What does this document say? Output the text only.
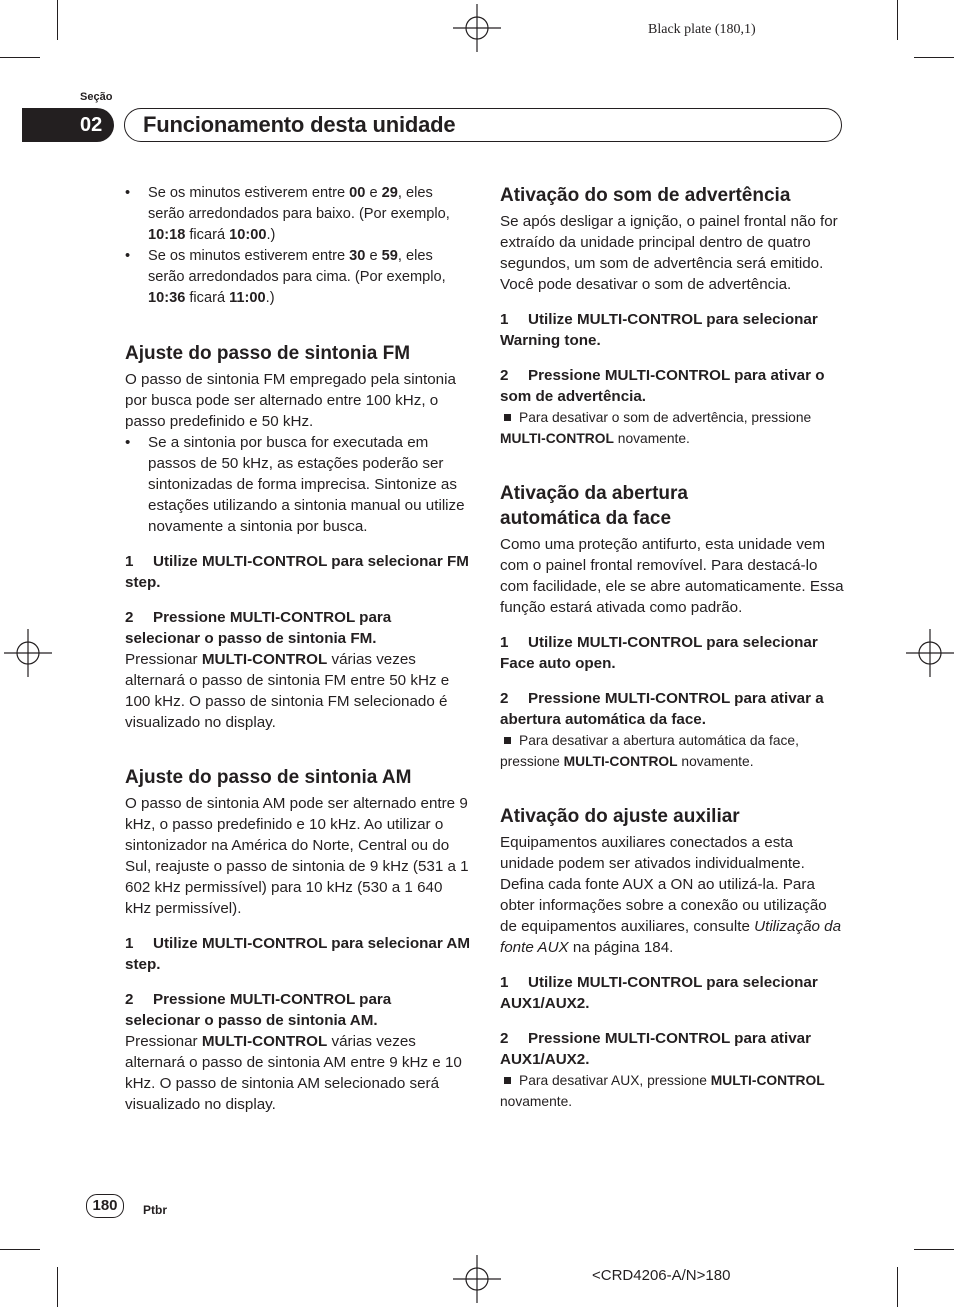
Black plate (180,1)
Seção
02	Funcionamento desta unidade

• Se os minutos estiverem entre 00 e 29, eles serão arredondados para baixo. (Por exemplo, 10:18 ficará 10:00.)

• Se os minutos estiverem entre 30 e 59, eles serão arredondados para cima. (Por exemplo, 10:36 ficará 11:00.)

Ajuste do passo de sintonia FM

O passo de sintonia FM empregado pela sintonia por busca pode ser alternado entre 100 kHz, o passo predefinido e 50 kHz.

• Se a sintonia por busca for executada em passos de 50 kHz, as estações poderão ser sintonizadas de forma imprecisa. Sintonize as estações utilizando a sintonia manual ou utilize novamente a sintonia por busca.

1 Utilize MULTI-CONTROL para selecionar FM step.

2 Pressione MULTI-CONTROL para selecionar o passo de sintonia FM.

Pressionar MULTI-CONTROL várias vezes alternará o passo de sintonia FM entre 50 kHz e 100 kHz. O passo de sintonia FM selecionado é visualizado no display.

Ajuste do passo de sintonia AM

O passo de sintonia AM pode ser alternado entre 9 kHz, o passo predefinido e 10 kHz. Ao utilizar o sintonizador na América do Norte, Central ou do Sul, reajuste o passo de sintonia de 9 kHz (531 a 1 602 kHz permissível) para 10 kHz (530 a 1 640 kHz permissível).

1 Utilize MULTI-CONTROL para selecionar AM step.

2 Pressione MULTI-CONTROL para selecionar o passo de sintonia AM.

Pressionar MULTI-CONTROL várias vezes alternará o passo de sintonia AM entre 9 kHz e 10 kHz. O passo de sintonia AM selecionado será visualizado no display.

Ativação do som de advertência

Se após desligar a ignição, o painel frontal não for extraído da unidade principal dentro de quatro segundos, um som de advertência será emitido. Você pode desativar o som de advertência.

1 Utilize MULTI-CONTROL para selecionar Warning tone.

2 Pressione MULTI-CONTROL para ativar o som de advertência.

Para desativar o som de advertência, pressione MULTI-CONTROL novamente.

Ativação da abertura automática da face

Como uma proteção antifurto, esta unidade vem com o painel frontal removível. Para destacá-lo com facilidade, ele se abre automaticamente. Essa função estará ativada como padrão.

1 Utilize MULTI-CONTROL para selecionar Face auto open.

2 Pressione MULTI-CONTROL para ativar a abertura automática da face.

Para desativar a abertura automática da face, pressione MULTI-CONTROL novamente.

Ativação do ajuste auxiliar

Equipamentos auxiliares conectados a esta unidade podem ser ativados individualmente. Defina cada fonte AUX a ON ao utilizá-la. Para obter informações sobre a conexão ou utilização de equipamentos auxiliares, consulte Utilização da fonte AUX na página 184.

1 Utilize MULTI-CONTROL para selecionar AUX1/AUX2.

2 Pressione MULTI-CONTROL para ativar AUX1/AUX2.

Para desativar AUX, pressione MULTI-CONTROL novamente.

180	Ptbr
<CRD4206-A/N>180
